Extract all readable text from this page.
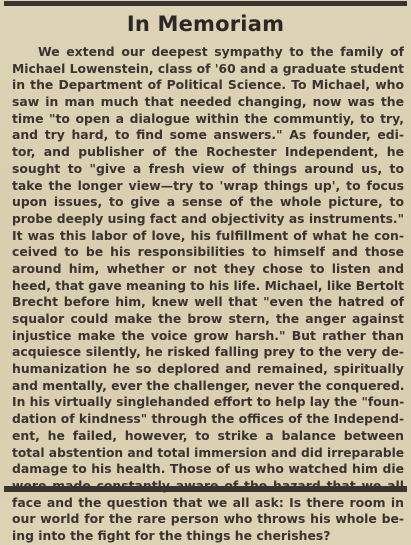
In Memoriam
We extend our deepest sympathy to the family of
Michael Lowenstein, class of '60 and a graduate student
in the Department of Political Science. To Michael, who
saw in man much that needed changing, now was the
time "to open a dialogue within the communtiy, to try,
and try hard, to find some answers." As founder, edi-
tor, and publisher of the Rochester Independent, he
sought to "give a fresh view of things around us, to
take the longer view—try to 'wrap things up', to focus
upon issues, to give a sense of the whole picture, to
probe deeply using fact and objectivity as instruments."
It was this labor of love, his fulfillment of what he con-
ceived to be his responsibilities to himself and those
around him, whether or not they chose to listen and
heed, that gave meaning to his life. Michael, like Bertolt
Brecht before him, knew well that "even the hatred of
squalor could make the brow stern, the anger against
injustice make the voice grow harsh." But rather than
acquiesce silently, he risked falling prey to the very de-
humanization he so deplored and remained, spiritually
and mentally, ever the challenger, never the conquered.
In his virtually singlehanded effort to help lay the "foun-
dation of kindness" through the offices of the Independ-
ent, he failed, however, to strike a balance between
total abstention and total immersion and did irreparable
damage to his health. Those of us who watched him die
face and the question that we all ask: Is there room in
our world for the rare person who throws his whole be-
ing into the fight for the things he cherishes?
